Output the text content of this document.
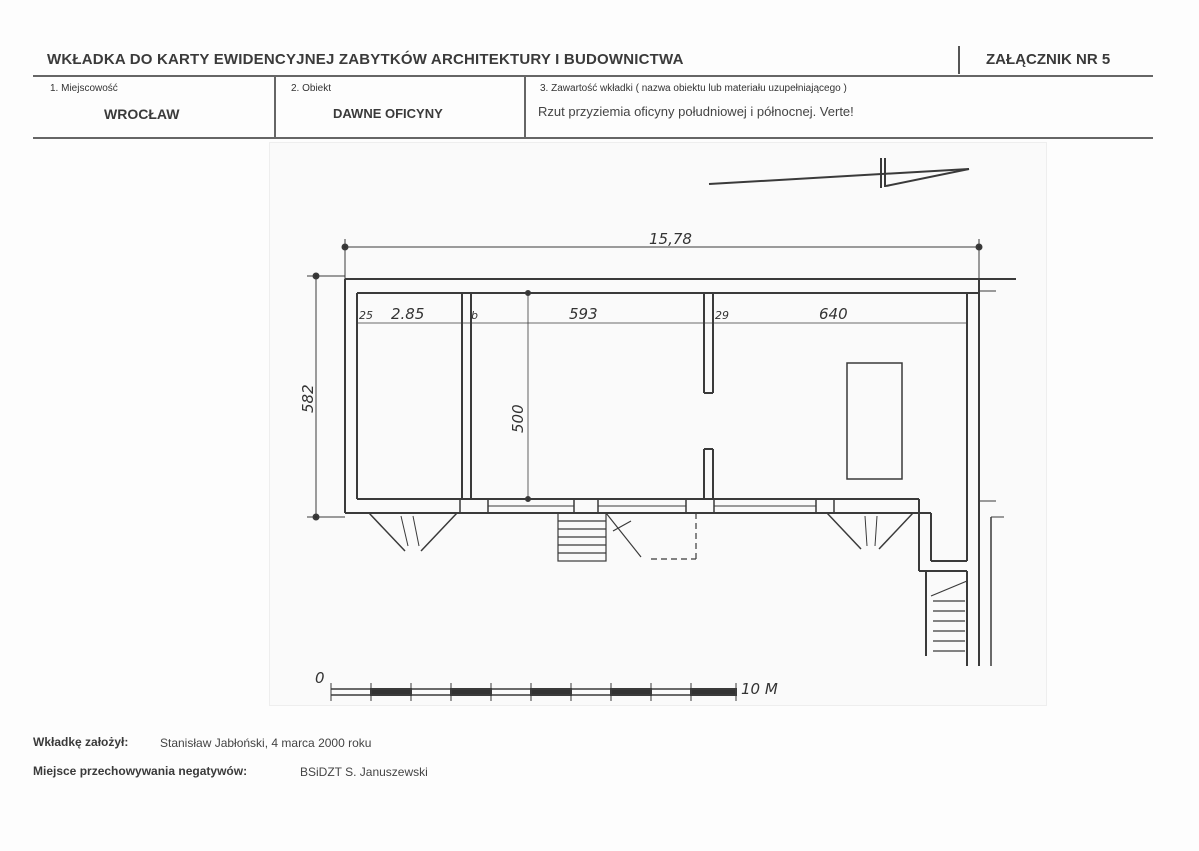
WKŁADKA DO KARTY EWIDENCYJNEJ ZABYTKÓW ARCHITEKTURY I BUDOWNICTWA	ZAŁĄCZNIK NR 5
1. Miejscowość
WROCŁAW
2. Obiekt
DAWNE OFICYNY
3. Zawartość wkładki ( nazwa obiektu lub materiału uzupełniającego )
Rzut przyziemia oficyny południowej i północnej. Verte!
15,78
582
500
25 2.85	b	593	29	640
0
10 M
Wkładkę założył:	Stanisław Jabłoński, 4 marca 2000 roku
Miejsce przechowywania negatywów:	BSiDZT S. Januszewski
